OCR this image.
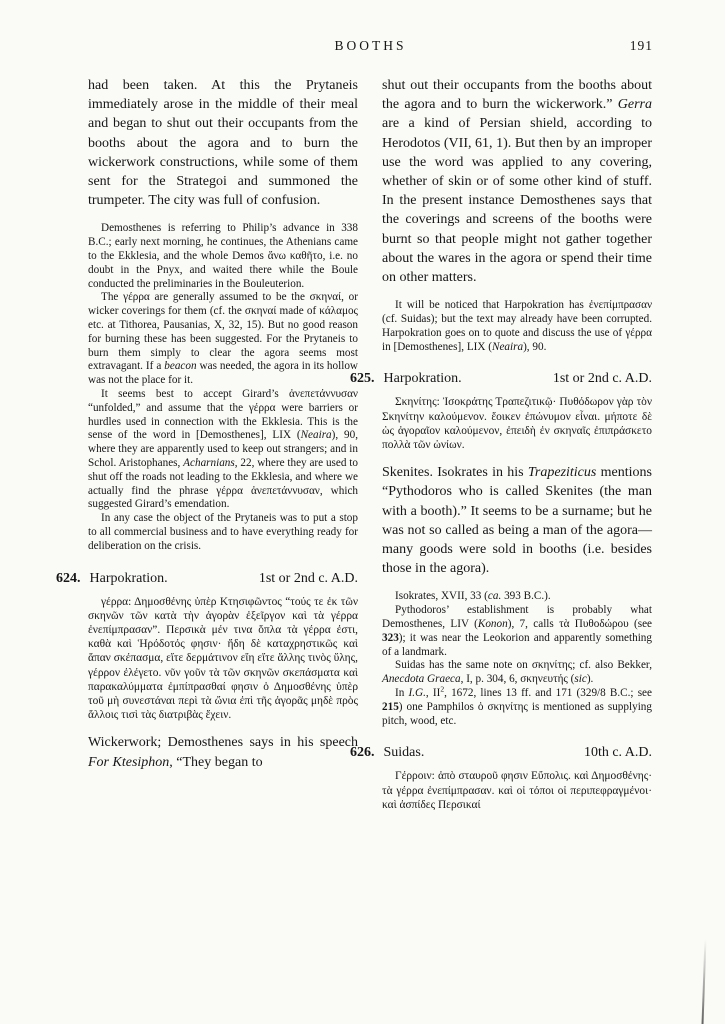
BOOTHS	191

had been taken. At this the Prytaneis immediately arose in the middle of their meal and began to shut out their occupants from the booths about the agora and to burn the wickerwork constructions, while some of them sent for the Strategoi and summoned the trumpeter. The city was full of confusion.

Demosthenes is referring to Philip’s advance in 338 B.C.; early next morning, he continues, the Athenians came to the Ekklesia, and the whole Demos ἄνω καθῆτο, i.e. no doubt in the Pnyx, and waited there while the Boule conducted the preliminaries in the Bouleuterion.

The γέρρα are generally assumed to be the σκηναί, or wicker coverings for them (cf. the σκηναί made of κάλαμος etc. at Tithorea, Pausanias, X, 32, 15). But no good reason for burning these has been suggested. For the Prytaneis to burn them simply to clear the agora seems most extravagant. If a beacon was needed, the agora in its hollow was not the place for it.

It seems best to accept Girard’s ἀνεπετάννυσαν “unfolded,” and assume that the γέρρα were barriers or hurdles used in connection with the Ekklesia. This is the sense of the word in [Demosthenes], LIX (Neaira), 90, where they are apparently used to keep out strangers; and in Schol. Aristophanes, Acharnians, 22, where they are used to shut off the roads not leading to the Ekklesia, and where we actually find the phrase γέρρα ἀνεπετάννυσαν, which suggested Girard’s emendation.

In any case the object of the Prytaneis was to put a stop to all commercial business and to have everything ready for deliberation on the crisis.

624. Harpokration.	1st or 2nd c. A.D.

γέρρα: Δημοσθένης ὑπὲρ Κτησιφῶντος “τούς τε ἐκ τῶν σκηνῶν τῶν κατὰ τὴν ἀγορὰν ἐξεῖργον καὶ τὰ γέρρα ἐνεπίμπρασαν”. Περσικὰ μέν τινα ὅπλα τὰ γέρρα ἐστι, καθὰ καὶ Ἡρόδοτός φησιν· ἤδη δὲ καταχρηστικῶς καὶ ἅπαν σκέπασμα, εἴτε δερμάτινον εἴη εἴτε ἄλλης τινὸς ὕλης, γέρρον ἐλέγετο. νῦν γοῦν τὰ τῶν σκηνῶν σκεπάσματα καὶ παρακαλύμματα ἐμπίπρασθαί φησιν ὁ Δημοσθένης ὑπὲρ τοῦ μὴ συνεστάναι περὶ τὰ ὤνια ἐπὶ τῆς ἀγορᾶς μηδὲ πρὸς ἄλλοις τισὶ τὰς διατριβὰς ἔχειν.

Wickerwork; Demosthenes says in his speech For Ktesiphon, “They began to

shut out their occupants from the booths about the agora and to burn the wickerwork.” Gerra are a kind of Persian shield, according to Herodotos (VII, 61, 1). But then by an improper use the word was applied to any covering, whether of skin or of some other kind of stuff. In the present instance Demosthenes says that the coverings and screens of the booths were burnt so that people might not gather together about the wares in the agora or spend their time on other matters.

It will be noticed that Harpokration has ἐνεπίμπρασαν (cf. Suidas); but the text may already have been corrupted. Harpokration goes on to quote and discuss the use of γέρρα in [Demosthenes], LIX (Neaira), 90.

625. Harpokration.	1st or 2nd c. A.D.

Σκηνίτης: Ἰσοκράτης Τραπεζιτικῷ· Πυθόδωρον γὰρ τὸν Σκηνίτην καλούμενον. ἔοικεν ἐπώνυμον εἶναι. μήποτε δὲ ὡς ἀγοραῖον καλούμενον, ἐπειδὴ ἐν σκηναῖς ἐπιπράσκετο πολλὰ τῶν ὠνίων.

Skenites. Isokrates in his Trapeziticus mentions “Pythodoros who is called Skenites (the man with a booth).” It seems to be a surname; but he was not so called as being a man of the agora—many goods were sold in booths (i.e. besides those in the agora).

Isokrates, XVII, 33 (ca. 393 B.C.).

Pythodoros’ establishment is probably what Demosthenes, LIV (Konon), 7, calls τὰ Πυθοδώρου (see 323); it was near the Leokorion and apparently something of a landmark.

Suidas has the same note on σκηνίτης; cf. also Bekker, Anecdota Graeca, I, p. 304, 6, σκηνευτής (sic).

In I.G., $II^2$, 1672, lines 13 ff. and 171 (329/8 B.C.; see 215) one Pamphilos ὁ σκηνίτης is mentioned as supplying pitch, wood, etc.

626. Suidas.	10th c. A.D.

Γέρροιν: ἀπὸ σταυροῦ φησιν Εὔπολις. καὶ Δημοσθένης· τὰ γέρρα ἐνεπίμπρασαν. καὶ οἱ τόποι οἱ περιπεφραγμένοι· καὶ ἀσπίδες Περσικαί
